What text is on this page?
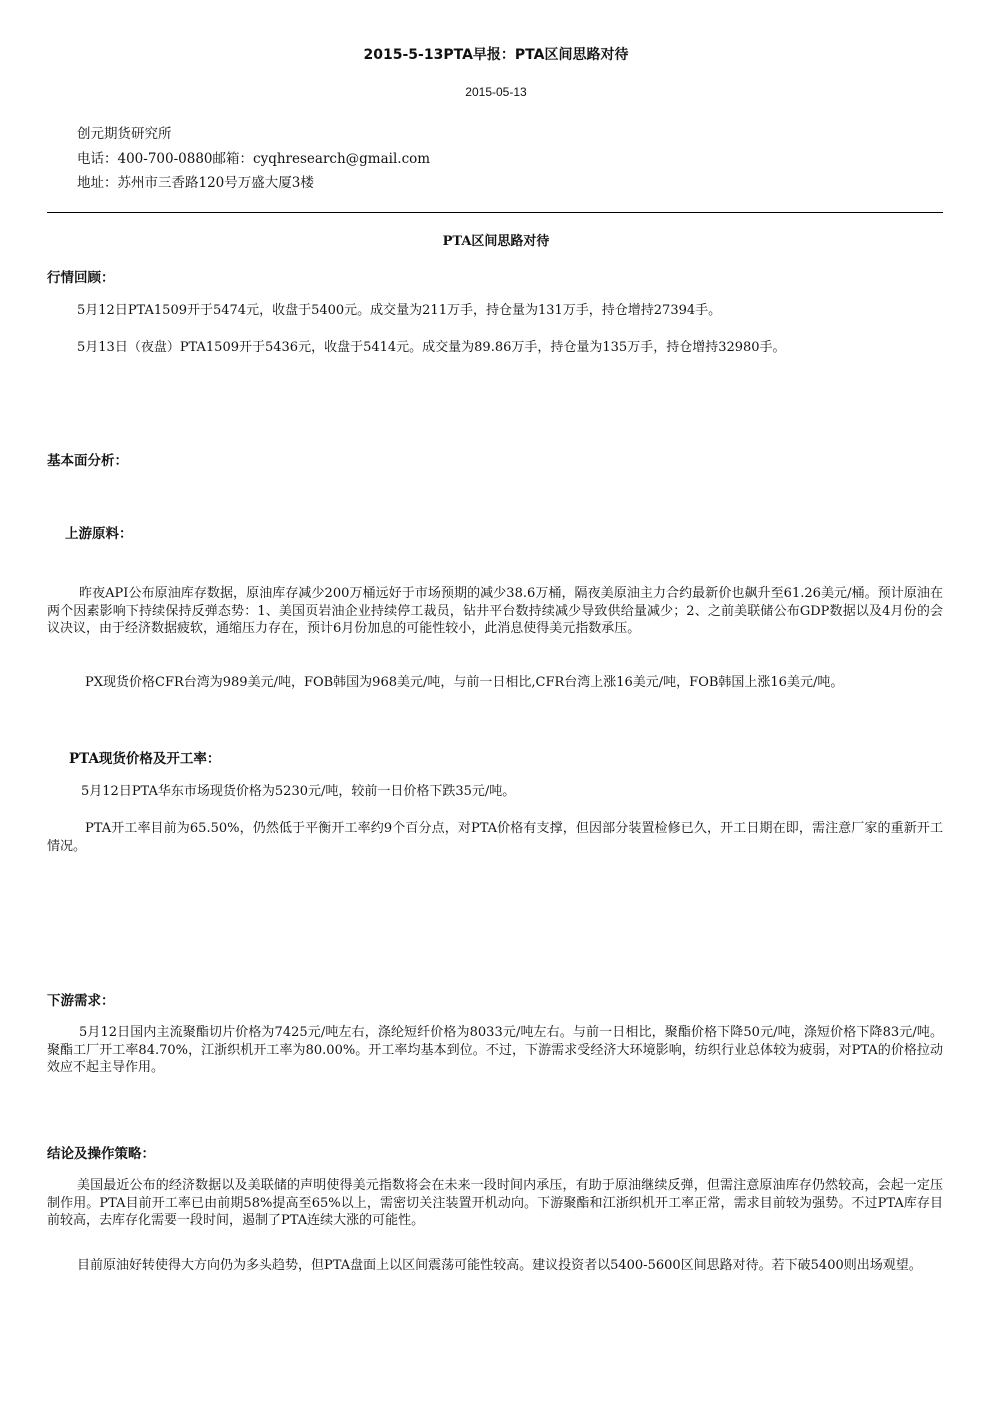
2015-5-13PTA早报：PTA区间思路对待
2015-05-13
创元期货研究所
电话：400-700-0880邮箱：cyqhresearch@gmail.com
地址：苏州市三香路120号万盛大厦3楼
PTA区间思路对待
行情回顾：
5月12日PTA1509开于5474元，收盘于5400元。成交量为211万手，持仓量为131万手，持仓增持27394手。
5月13日（夜盘）PTA1509开于5436元，收盘于5414元。成交量为89.86万手，持仓量为135万手，持仓增持32980手。
基本面分析：
上游原料：
昨夜API公布原油库存数据，原油库存减少200万桶远好于市场预期的减少38.6万桶，隔夜美原油主力合约最新价也飙升至61.26美元/桶。预计原油在两个因素影响下持续保持反弹态势：1、美国页岩油企业持续停工裁员，钻井平台数持续减少导致供给量减少；2、之前美联储公布GDP数据以及4月份的会议决议，由于经济数据疲软，通缩压力存在，预计6月份加息的可能性较小，此消息使得美元指数承压。
PX现货价格CFR台湾为989美元/吨，FOB韩国为968美元/吨，与前一日相比,CFR台湾上涨16美元/吨，FOB韩国上涨16美元/吨。
PTA现货价格及开工率：
5月12日PTA华东市场现货价格为5230元/吨，较前一日价格下跌35元/吨。
PTA开工率目前为65.50%，仍然低于平衡开工率约9个百分点，对PTA价格有支撑，但因部分装置检修已久，开工日期在即，需注意厂家的重新开工情况。
下游需求：
5月12日国内主流聚酯切片价格为7425元/吨左右，涤纶短纤价格为8033元/吨左右。与前一日相比，聚酯价格下降50元/吨，涤短价格下降83元/吨。聚酯工厂开工率84.70%，江浙织机开工率为80.00%。开工率均基本到位。不过，下游需求受经济大环境影响，纺织行业总体较为疲弱，对PTA的价格拉动效应不起主导作用。
结论及操作策略：
美国最近公布的经济数据以及美联储的声明使得美元指数将会在未来一段时间内承压，有助于原油继续反弹，但需注意原油库存仍然较高，会起一定压制作用。PTA目前开工率已由前期58%提高至65%以上，需密切关注装置开机动向。下游聚酯和江浙织机开工率正常，需求目前较为强势。不过PTA库存目前较高，去库存化需要一段时间，遏制了PTA连续大涨的可能性。
目前原油好转使得大方向仍为多头趋势，但PTA盘面上以区间震荡可能性较高。建议投资者以5400-5600区间思路对待。若下破5400则出场观望。
